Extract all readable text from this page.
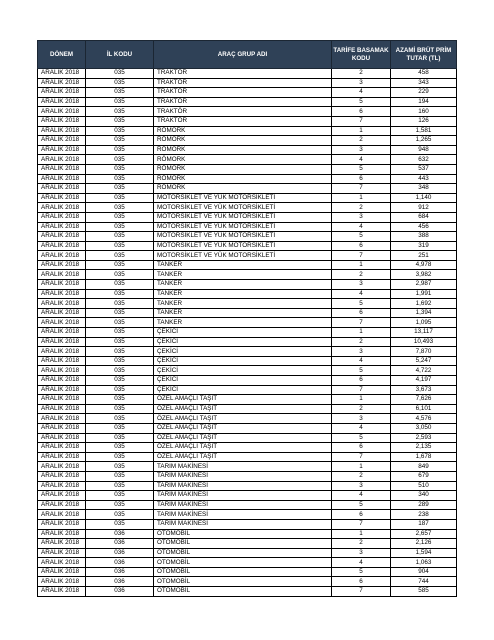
DÖNEM	İL KODU	ARAÇ GRUP ADI	TARİFE BASAMAK KODU	AZAMİ BRÜT PRİM TUTAR (TL)
ARALIK 2018	035	TRAKTÖR	2	458
ARALIK 2018	035	TRAKTÖR	3	343
ARALIK 2018	035	TRAKTÖR	4	229
ARALIK 2018	035	TRAKTÖR	5	194
ARALIK 2018	035	TRAKTÖR	6	160
ARALIK 2018	035	TRAKTÖR	7	126
ARALIK 2018	035	RÖMORK	1	1,581
ARALIK 2018	035	RÖMORK	2	1,265
ARALIK 2018	035	RÖMORK	3	948
ARALIK 2018	035	RÖMORK	4	632
ARALIK 2018	035	RÖMORK	5	537
ARALIK 2018	035	RÖMORK	6	443
ARALIK 2018	035	RÖMORK	7	348
ARALIK 2018	035	MOTORSİKLET VE YÜK MOTORSİKLETİ	1	1,140
ARALIK 2018	035	MOTORSİKLET VE YÜK MOTORSİKLETİ	2	912
ARALIK 2018	035	MOTORSİKLET VE YÜK MOTORSİKLETİ	3	684
ARALIK 2018	035	MOTORSİKLET VE YÜK MOTORSİKLETİ	4	456
ARALIK 2018	035	MOTORSİKLET VE YÜK MOTORSİKLETİ	5	388
ARALIK 2018	035	MOTORSİKLET VE YÜK MOTORSİKLETİ	6	319
ARALIK 2018	035	MOTORSİKLET VE YÜK MOTORSİKLETİ	7	251
ARALIK 2018	035	TANKER	1	4,978
ARALIK 2018	035	TANKER	2	3,982
ARALIK 2018	035	TANKER	3	2,987
ARALIK 2018	035	TANKER	4	1,991
ARALIK 2018	035	TANKER	5	1,692
ARALIK 2018	035	TANKER	6	1,394
ARALIK 2018	035	TANKER	7	1,095
ARALIK 2018	035	ÇEKİCİ	1	13,117
ARALIK 2018	035	ÇEKİCİ	2	10,493
ARALIK 2018	035	ÇEKİCİ	3	7,870
ARALIK 2018	035	ÇEKİCİ	4	5,247
ARALIK 2018	035	ÇEKİCİ	5	4,722
ARALIK 2018	035	ÇEKİCİ	6	4,197
ARALIK 2018	035	ÇEKİCİ	7	3,673
ARALIK 2018	035	ÖZEL AMAÇLI TAŞIT	1	7,626
ARALIK 2018	035	ÖZEL AMAÇLI TAŞIT	2	6,101
ARALIK 2018	035	ÖZEL AMAÇLI TAŞIT	3	4,576
ARALIK 2018	035	ÖZEL AMAÇLI TAŞIT	4	3,050
ARALIK 2018	035	ÖZEL AMAÇLI TAŞIT	5	2,593
ARALIK 2018	035	ÖZEL AMAÇLI TAŞIT	6	2,135
ARALIK 2018	035	ÖZEL AMAÇLI TAŞIT	7	1,678
ARALIK 2018	035	TARIM MAKİNESİ	1	849
ARALIK 2018	035	TARIM MAKİNESİ	2	679
ARALIK 2018	035	TARIM MAKİNESİ	3	510
ARALIK 2018	035	TARIM MAKİNESİ	4	340
ARALIK 2018	035	TARIM MAKİNESİ	5	289
ARALIK 2018	035	TARIM MAKİNESİ	6	238
ARALIK 2018	035	TARIM MAKİNESİ	7	187
ARALIK 2018	036	OTOMOBİL	1	2,657
ARALIK 2018	036	OTOMOBİL	2	2,126
ARALIK 2018	036	OTOMOBİL	3	1,594
ARALIK 2018	036	OTOMOBİL	4	1,063
ARALIK 2018	036	OTOMOBİL	5	904
ARALIK 2018	036	OTOMOBİL	6	744
ARALIK 2018	036	OTOMOBİL	7	585
